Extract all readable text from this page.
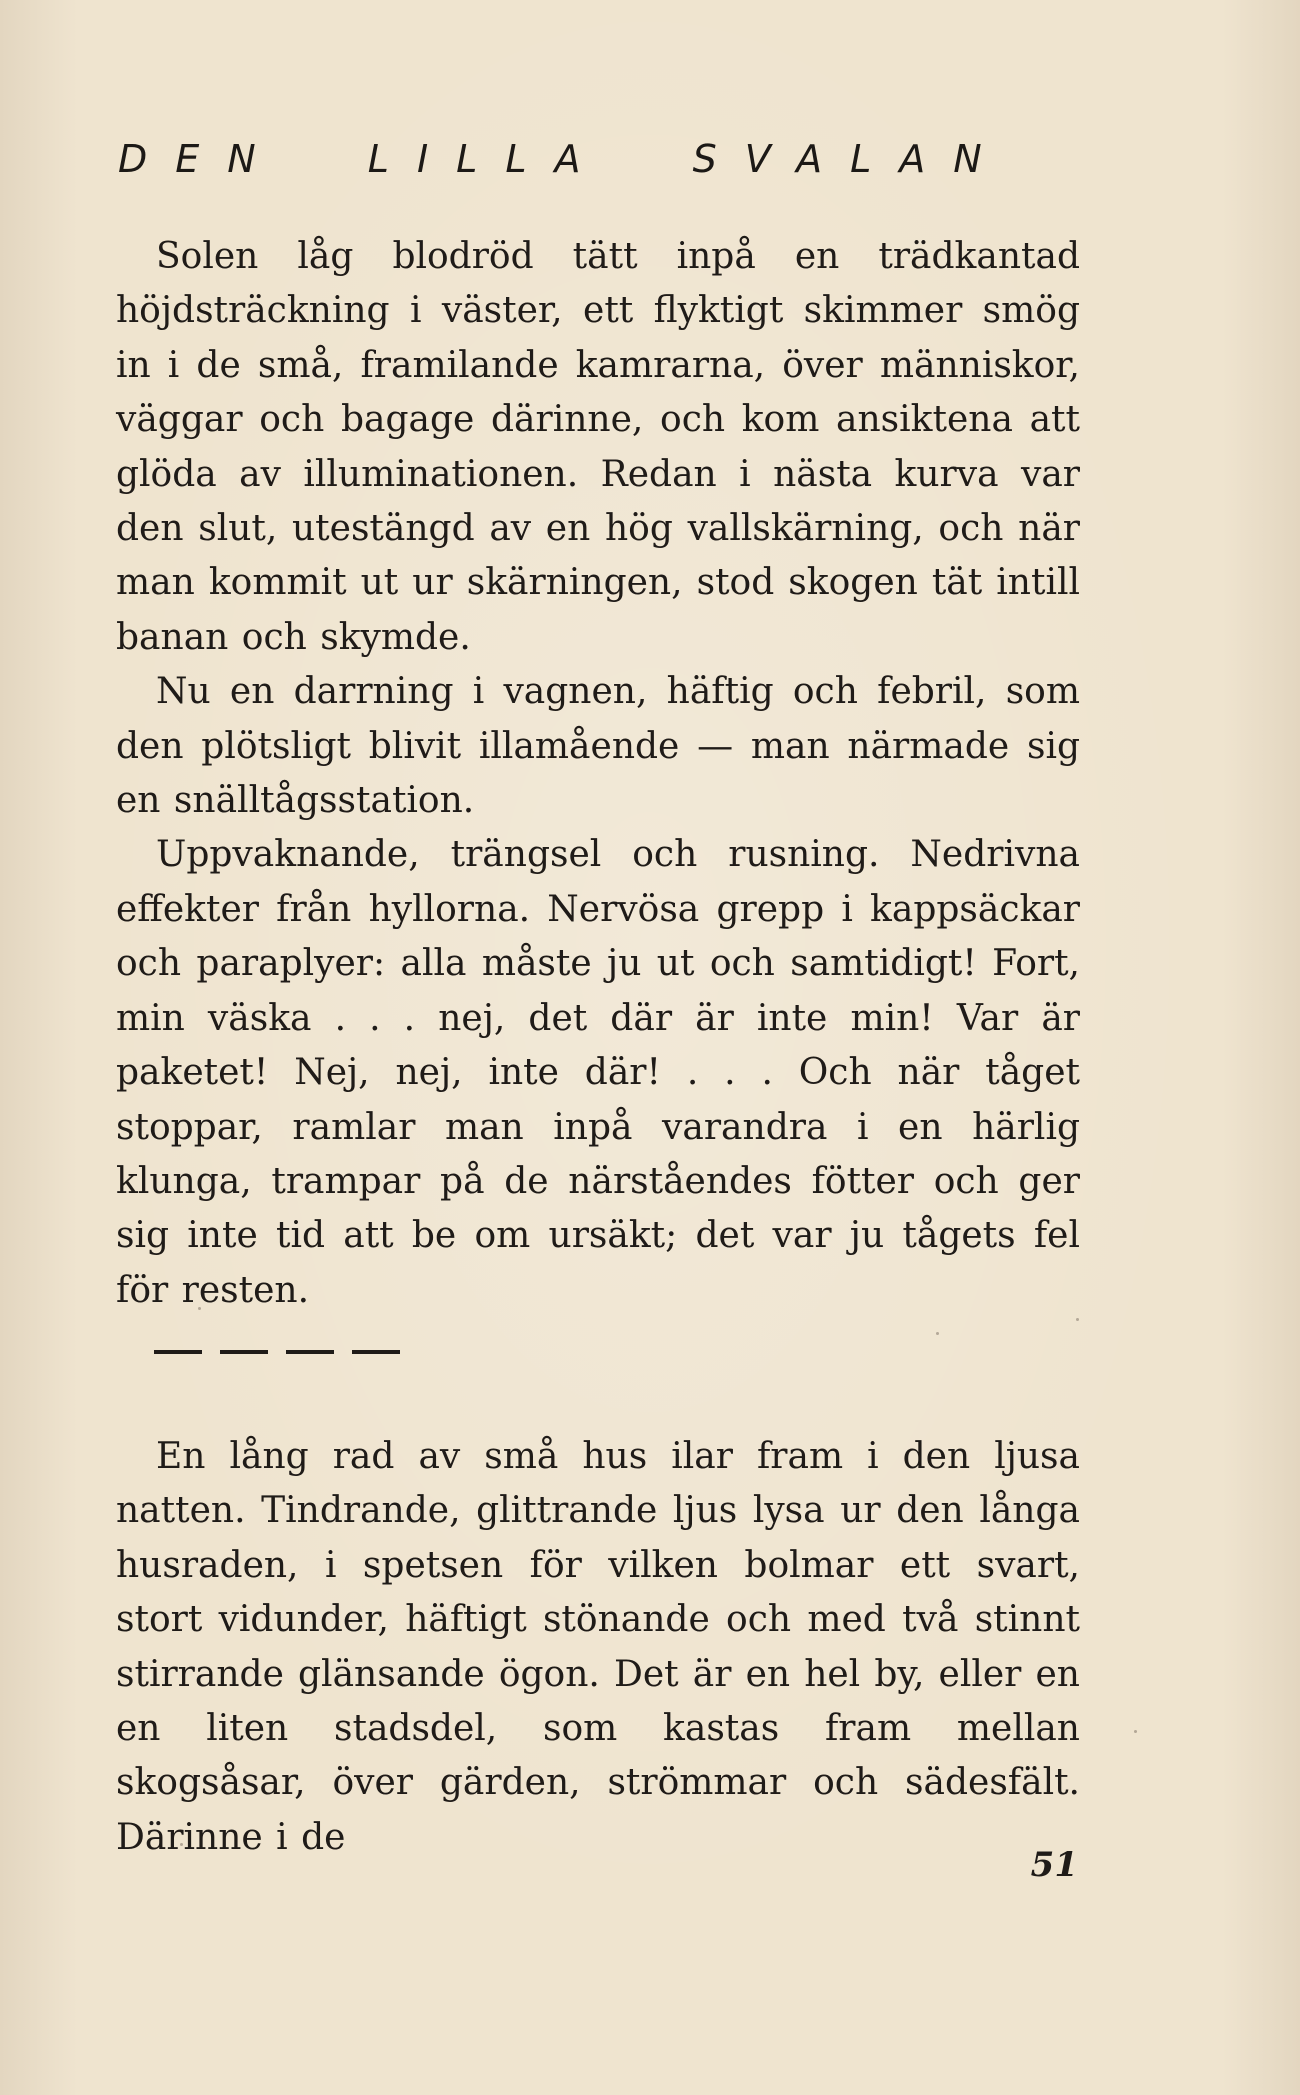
DEN LILLA SVALAN

Solen låg blodröd tätt inpå en trädkantad höjdsträckning i väster, ett flyktigt skimmer smög in i de små, framilande kamrarna, över människor, väggar och bagage därinne, och kom ansiktena att glöda av illuminationen. Redan i nästa kurva var den slut, utestängd av en hög vallskärning, och när man kommit ut ur skärningen, stod skogen tät intill banan och skymde.

Nu en darrning i vagnen, häftig och febril, som den plötsligt blivit illamående — man närmade sig en snälltågsstation.

Uppvaknande, trängsel och rusning. Nedrivna effekter från hyllorna. Nervösa grepp i kappsäckar och paraplyer: alla måste ju ut och samtidigt! Fort, min väska . . . nej, det där är inte min! Var är paketet! Nej, nej, inte där! . . . Och när tåget stoppar, ramlar man inpå varandra i en härlig klunga, trampar på de närståendes fötter och ger sig inte tid att be om ursäkt; det var ju tågets fel för resten.

En lång rad av små hus ilar fram i den ljusa natten. Tindrande, glittrande ljus lysa ur den långa husraden, i spetsen för vilken bolmar ett svart, stort vidunder, häftigt stönande och med två stinnt stirrande glänsande ögon. Det är en hel by, eller en en liten stadsdel, som kastas fram mellan skogsåsar, över gärden, strömmar och sädesfält. Därinne i de

51
